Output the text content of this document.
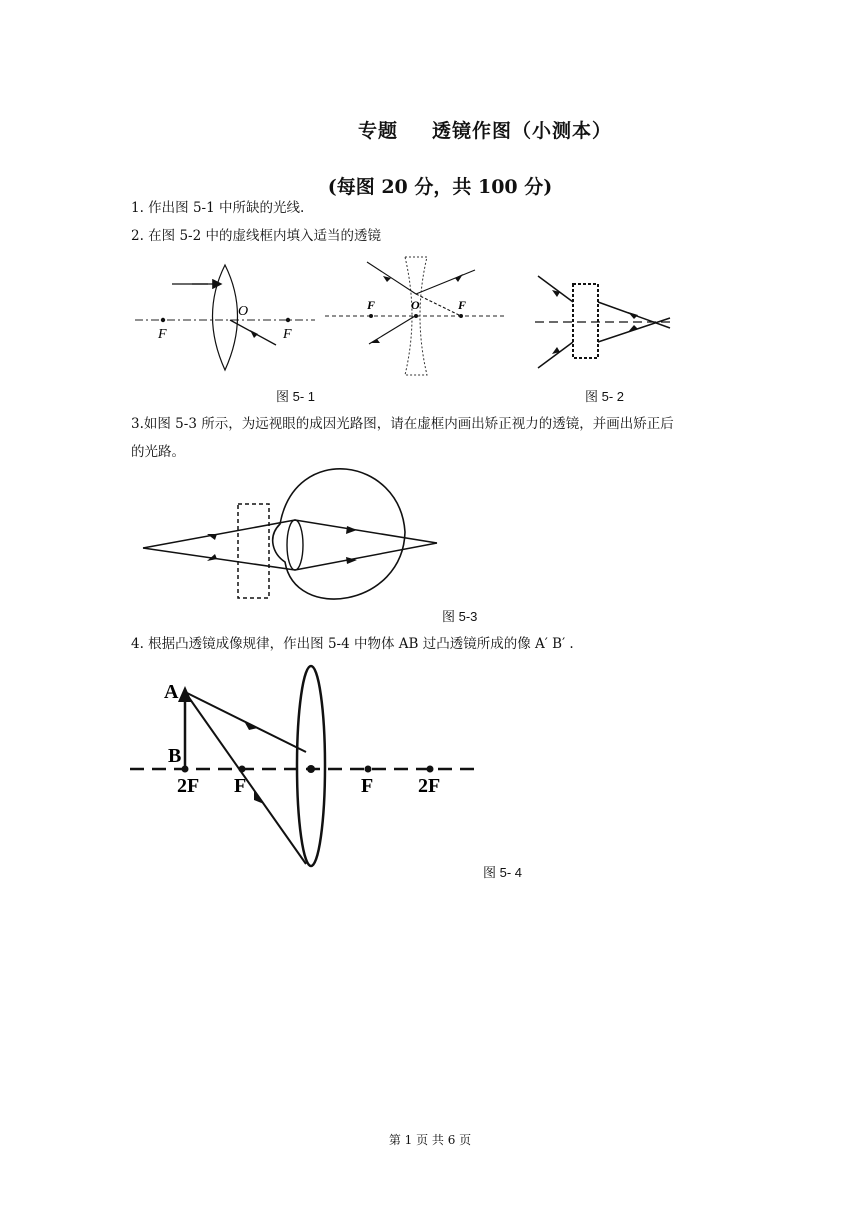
专题 透镜作图（小测本）
(每图 20 分，共 100 分)
1. 作出图 5-1 中所缺的光线.
2. 在图 5-2 中的虚线框内填入适当的透镜
F
O
F
图 5- 1
F	O	F
图 5- 2
3.如图 5-3 所示，为远视眼的成因光路图，请在虚框内画出矫正视力的透镜，并画出矫正后
的光路。
图 5-3
4. 根据凸透镜成像规律，作出图 5-4 中物体 AB 过凸透镜所成的像 A′ B′ .
A
B
2F F	F 2F
图 5- 4
第 1 页 共 6 页
